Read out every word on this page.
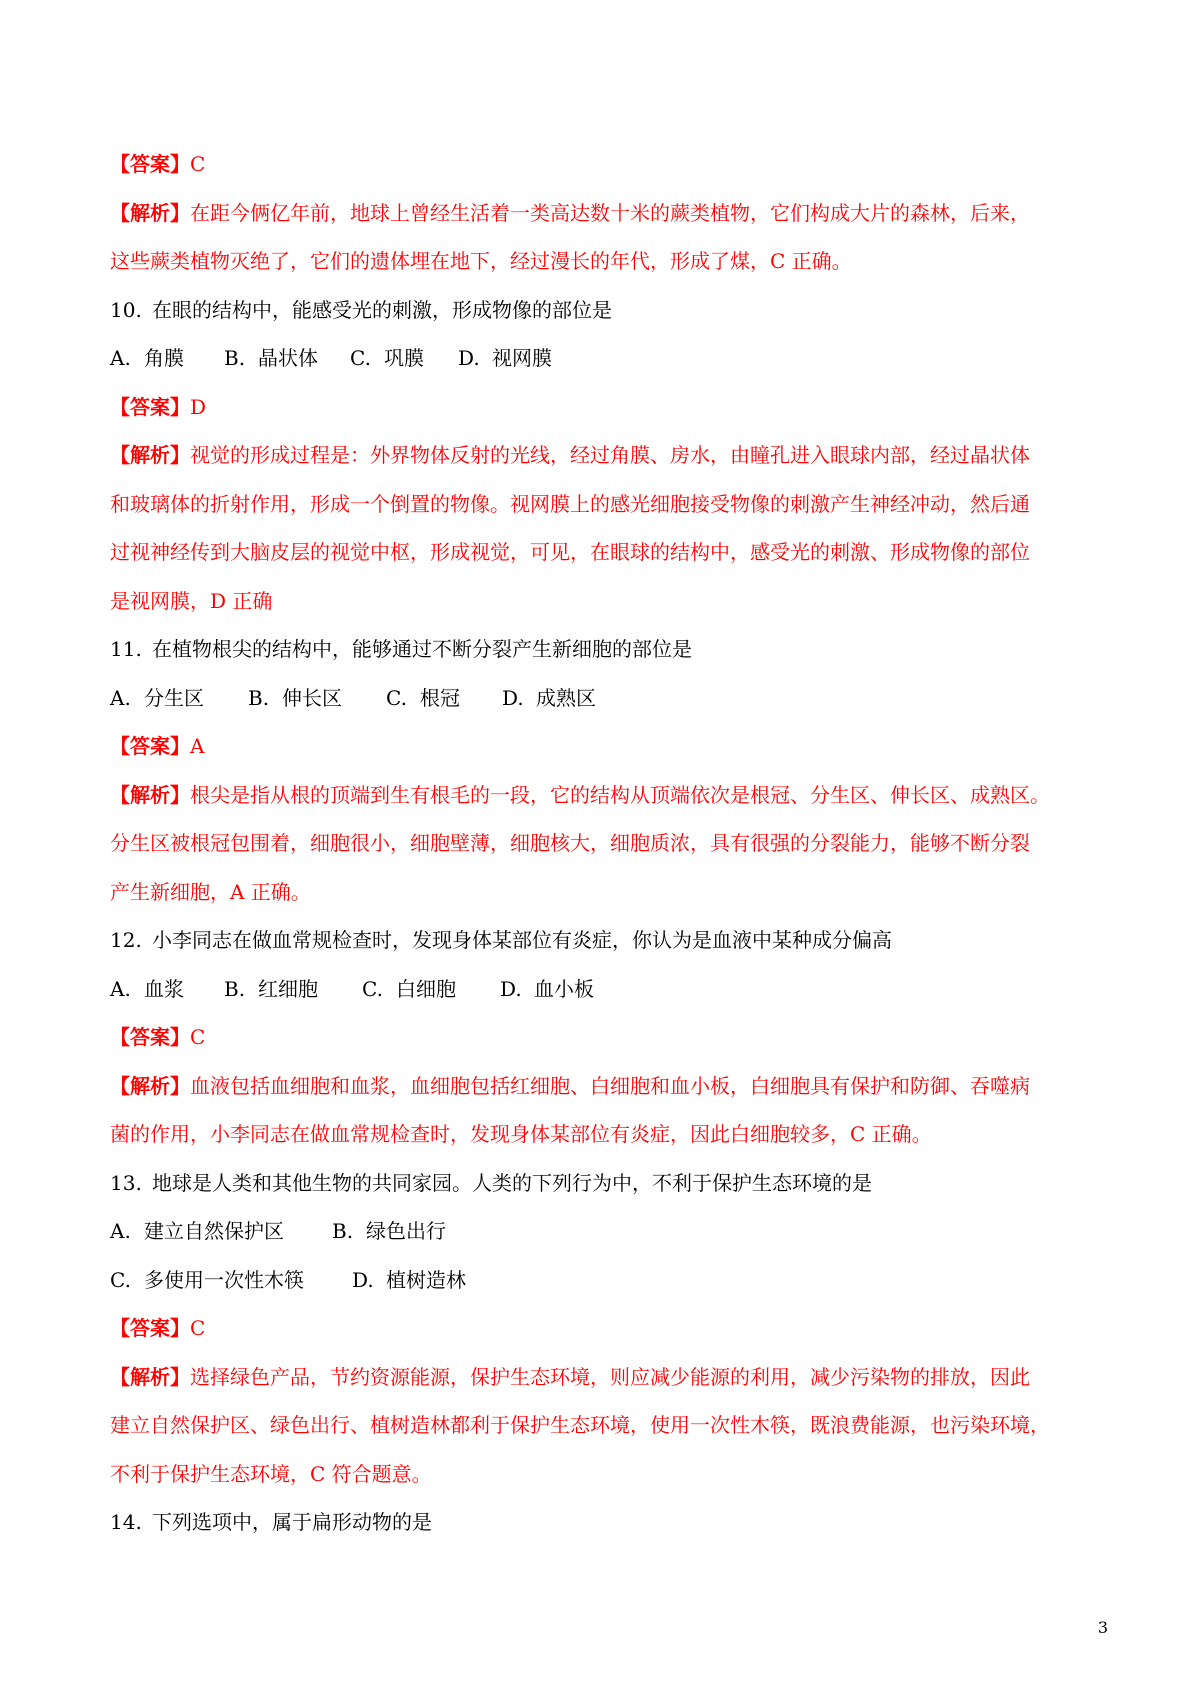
【答案】C
【解析】在距今俩亿年前，地球上曾经生活着一类高达数十米的蕨类植物，它们构成大片的森林，后来，
这些蕨类植物灭绝了，它们的遗体埋在地下，经过漫长的年代，形成了煤，C 正确。
10. 在眼的结构中，能感受光的刺激，形成物像的部位是
A. 角膜 B. 晶状体 C. 巩膜 D. 视网膜
【答案】D
【解析】视觉的形成过程是：外界物体反射的光线，经过角膜、房水，由瞳孔进入眼球内部，经过晶状体
和玻璃体的折射作用，形成一个倒置的物像。视网膜上的感光细胞接受物像的刺激产生神经冲动，然后通
过视神经传到大脑皮层的视觉中枢，形成视觉，可见，在眼球的结构中，感受光的刺激、形成物像的部位
是视网膜，D 正确
11. 在植物根尖的结构中，能够通过不断分裂产生新细胞的部位是
A. 分生区 B. 伸长区 C. 根冠 D. 成熟区
【答案】A
【解析】根尖是指从根的顶端到生有根毛的一段，它的结构从顶端依次是根冠、分生区、伸长区、成熟区。
分生区被根冠包围着，细胞很小，细胞壁薄，细胞核大，细胞质浓，具有很强的分裂能力，能够不断分裂
产生新细胞，A 正确。
12. 小李同志在做血常规检查时，发现身体某部位有炎症，你认为是血液中某种成分偏高
A. 血浆 B. 红细胞 C. 白细胞 D. 血小板
【答案】C
【解析】血液包括血细胞和血浆，血细胞包括红细胞、白细胞和血小板，白细胞具有保护和防御、吞噬病
菌的作用，小李同志在做血常规检查时，发现身体某部位有炎症，因此白细胞较多，C 正确。
13. 地球是人类和其他生物的共同家园。人类的下列行为中，不利于保护生态环境的是
A. 建立自然保护区 B. 绿色出行
C. 多使用一次性木筷 D. 植树造林
【答案】C
【解析】选择绿色产品，节约资源能源，保护生态环境，则应减少能源的利用，减少污染物的排放，因此
建立自然保护区、绿色出行、植树造林都利于保护生态环境，使用一次性木筷，既浪费能源，也污染环境，
不利于保护生态环境，C 符合题意。
14. 下列选项中，属于扁形动物的是
3
